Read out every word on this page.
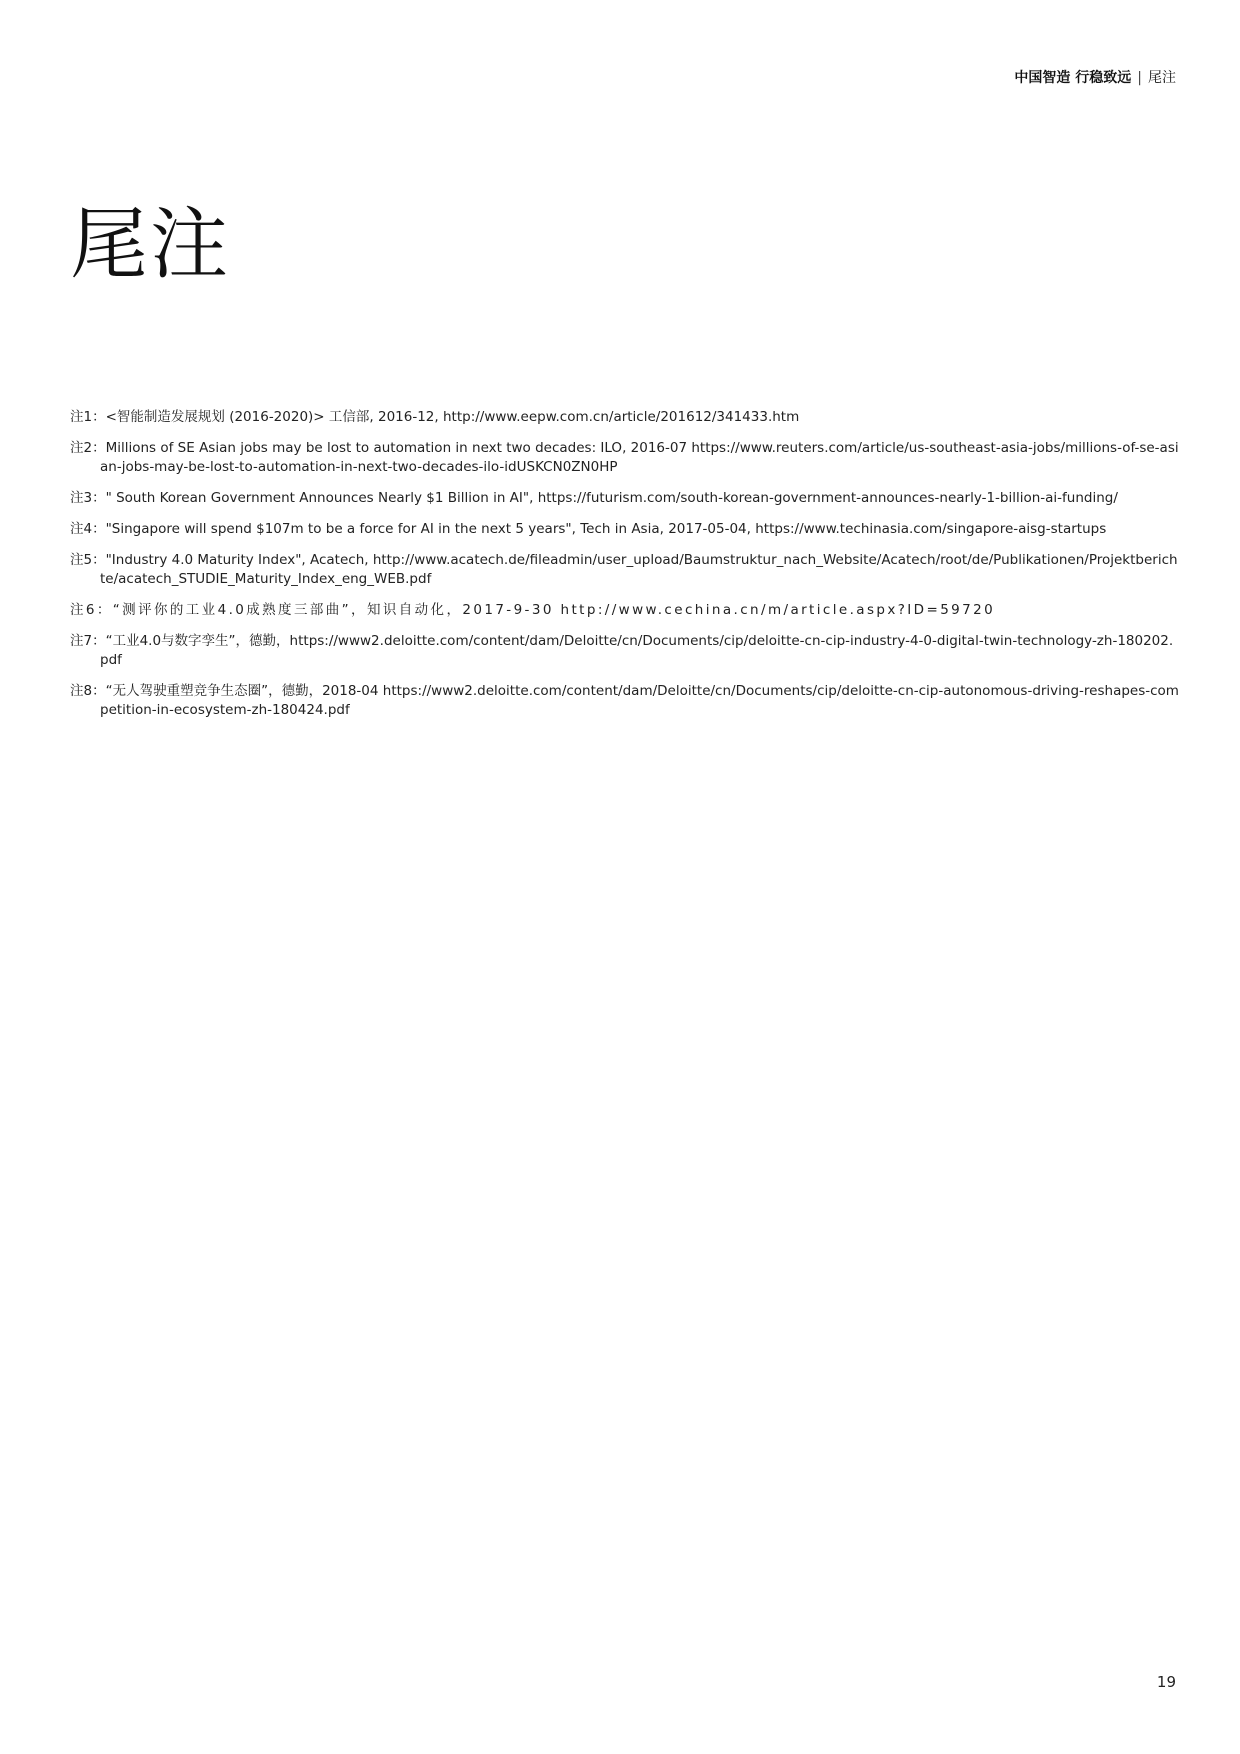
中国智造 行稳致远 | 尾注
尾注
注1：<智能制造发展规划 (2016-2020)> 工信部, 2016-12, http://www.eepw.com.cn/article/201612/341433.htm
注2：Millions of SE Asian jobs may be lost to automation in next two decades: ILO, 2016-07 https://www.reuters.com/article/us-southeast-asia-jobs/millions-of-se-asian-jobs-may-be-lost-to-automation-in-next-two-decades-ilo-idUSKCN0ZN0HP
注3：" South Korean Government Announces Nearly $1 Billion in AI", https://futurism.com/south-korean-government-announces-nearly-1-billion-ai-funding/
注4："Singapore will spend $107m to be a force for AI in the next 5 years", Tech in Asia, 2017-05-04, https://www.techinasia.com/singapore-aisg-startups
注5："Industry 4.0 Maturity Index", Acatech, http://www.acatech.de/fileadmin/user_upload/Baumstruktur_nach_Website/Acatech/root/de/Publikationen/Projektberichte/acatech_STUDIE_Maturity_Index_eng_WEB.pdf
注6：“测评你的工业4.0成熟度三部曲”，知识自动化，2017-9-30 http://www.cechina.cn/m/article.aspx?ID=59720
注7：“工业4.0与数字孪生”，德勤，https://www2.deloitte.com/content/dam/Deloitte/cn/Documents/cip/deloitte-cn-cip-industry-4-0-digital-twin-technology-zh-180202.pdf
注8：“无人驾驶重塑竞争生态圈”，德勤，2018-04 https://www2.deloitte.com/content/dam/Deloitte/cn/Documents/cip/deloitte-cn-cip-autonomous-driving-reshapes-competition-in-ecosystem-zh-180424.pdf
19
